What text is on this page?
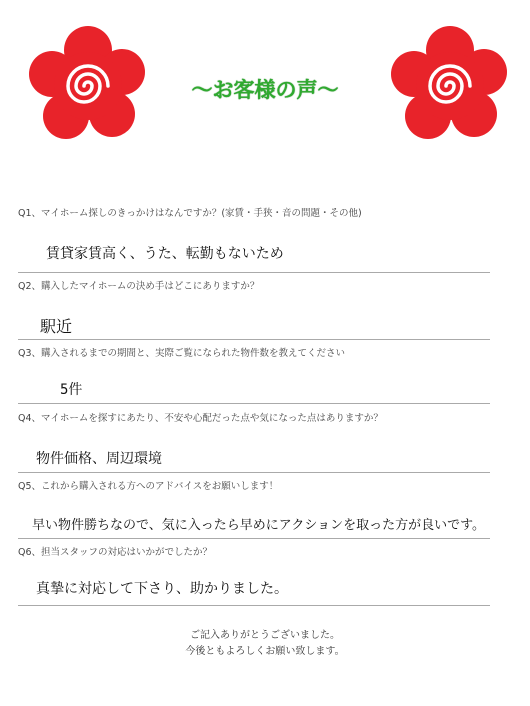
〜お客様の声〜
Q1、マイホーム探しのきっかけはなんですか？(家賃・手狭・音の問題・その他)
賃貸家賃高く、うた、転勤もないため
Q2、購入したマイホームの決め手はどこにありますか？
駅近
Q3、購入されるまでの期間と、実際ご覧になられた物件数を教えてください
5件
Q4、マイホームを探すにあたり、不安や心配だった点や気になった点はありますか？
物件価格、周辺環境
Q5、これから購入される方へのアドバイスをお願いします！
早い物件勝ちなので、気に入ったら早めにアクションを取った方が良いです。
Q6、担当スタッフの対応はいかがでしたか？
真摯に対応して下さり、助かりました。
ご記入ありがとうございました。
今後ともよろしくお願い致します。
